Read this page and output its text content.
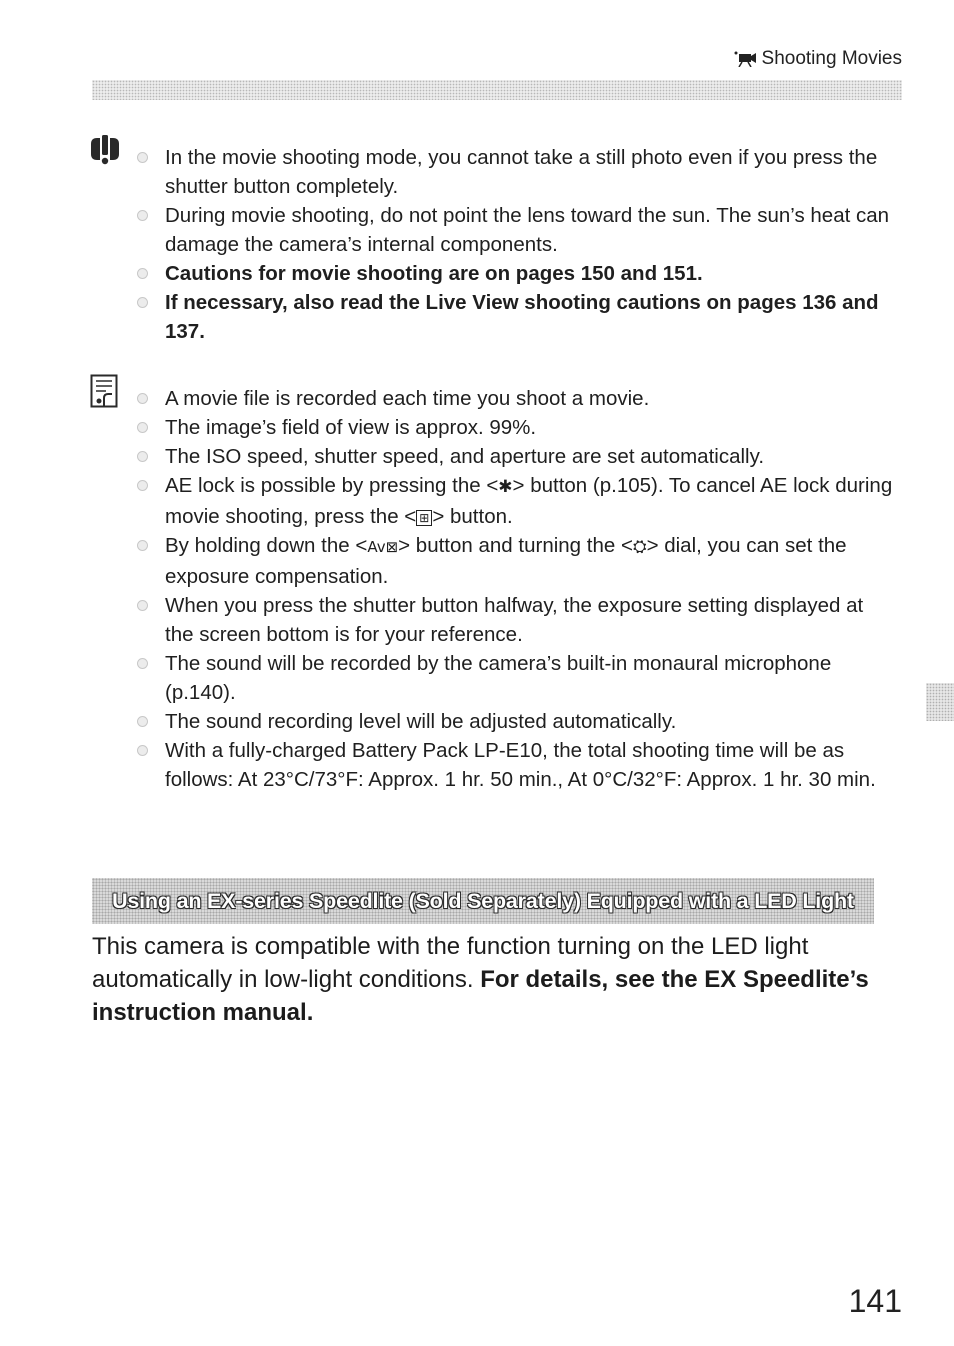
Shooting Movies
In the movie shooting mode, you cannot take a still photo even if you press the shutter button completely.
During movie shooting, do not point the lens toward the sun. The sun’s heat can damage the camera’s internal components.
Cautions for movie shooting are on pages 150 and 151.
If necessary, also read the Live View shooting cautions on pages 136 and 137.
A movie file is recorded each time you shoot a movie.
The image’s field of view is approx. 99%.
The ISO speed, shutter speed, and aperture are set automatically.
AE lock is possible by pressing the <✱> button (p.105). To cancel AE lock during movie shooting, press the < ⊞ > button.
By holding down the <Av⊠> button and turning the <⛭> dial, you can set the exposure compensation.
When you press the shutter button halfway, the exposure setting displayed at the screen bottom is for your reference.
The sound will be recorded by the camera’s built-in monaural microphone (p.140).
The sound recording level will be adjusted automatically.
With a fully-charged Battery Pack LP-E10, the total shooting time will be as follows: At 23°C/73°F: Approx. 1 hr. 50 min., At 0°C/32°F: Approx. 1 hr. 30 min.
Using an EX-series Speedlite (Sold Separately) Equipped with a LED Light

This camera is compatible with the function turning on the LED light automatically in low-light conditions. For details, see the EX Speedlite’s instruction manual.

141
